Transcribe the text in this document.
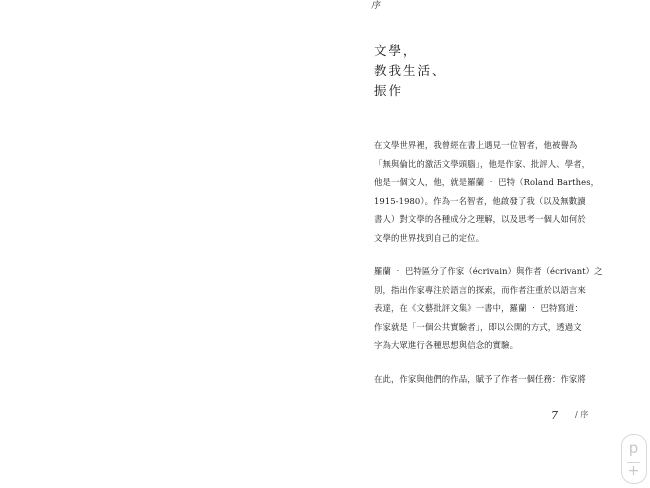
序
文學，
教我生活、
振作

在文學世界裡，我曾經在書上遇見一位智者，他被譽為
「無與倫比的激活文學頭腦」，他是作家、批評人、學者，
他是一個文人，他，就是羅蘭 ‧ 巴特（Roland Barthes，
1915-1980）。作為一名智者，他啟發了我（以及無數讀
書人）對文學的各種成分之理解，以及思考一個人如何於
文學的世界找到自己的定位。

羅蘭 ‧ 巴特區分了作家（écrivain）與作者（écrivant）之
別，指出作家專注於語言的探索，而作者注重於以語言來
表達，在《文藝批評文集》一書中，羅蘭 ‧ 巴特寫道：
作家就是「一個公共實驗者」，即以公開的方式，透過文
字為大眾進行各種思想與信念的實驗。

在此，作家與他們的作品，賦予了作者一個任務：作家將

7 / 序
p
+
